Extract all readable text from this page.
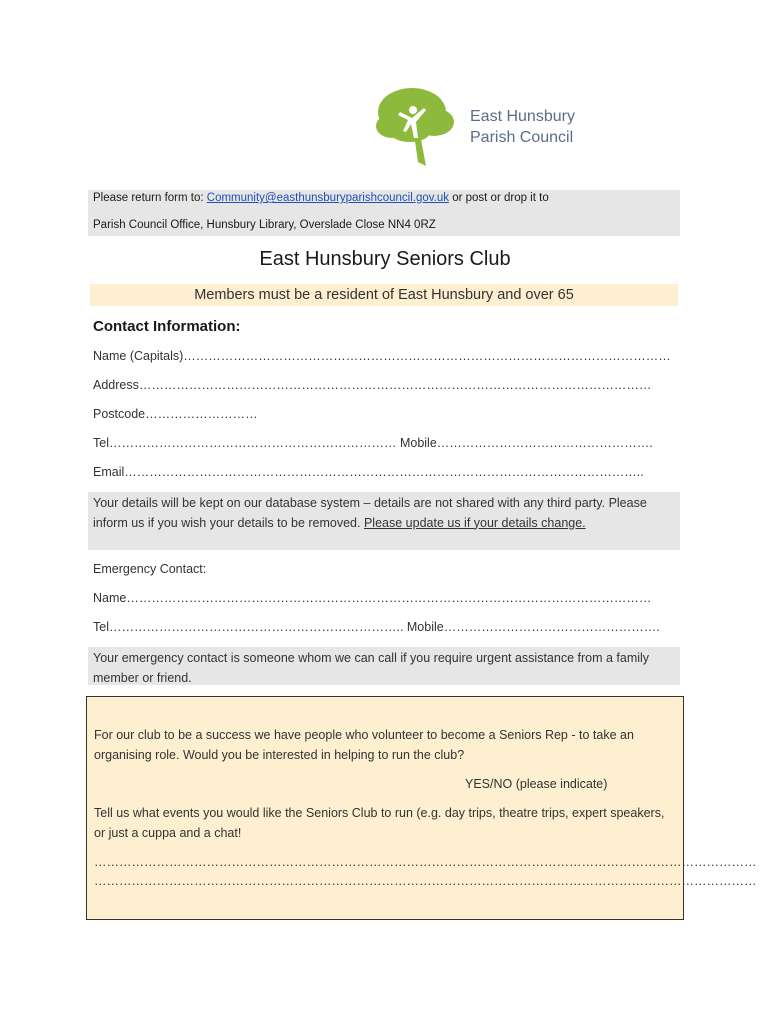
East Hunsbury
Parish Council
Please return form to: Community@easthunsburyparishcouncil.gov.uk or post or drop it to
Parish Council Office, Hunsbury Library, Overslade Close NN4 0RZ
East Hunsbury Seniors Club
Members must be a resident of East Hunsbury and over 65
Contact Information:
Name (Capitals)………………………………………………………………………………………………………
Address……………………………………………………………………………………………………………
Postcode………………………
Tel…………………………………………………………… Mobile…………………………………………….
Email……………………………………………………………………………………………………………..
Your details will be kept on our database system – details are not shared with any third party. Please inform us if you wish your details to be removed. Please update us if your details change.
Emergency Contact:
Name………………………………………………………………………………………………………………
Tel…………………………………………………………….. Mobile…………………………………………….
Your emergency contact is someone whom we can call if you require urgent assistance from a family member or friend.
For our club to be a success we have people who volunteer to become a Seniors Rep - to take an organising role. Would you be interested in helping to run the club?
YES/NO (please indicate)
Tell us what events you would like the Seniors Club to run (e.g. day trips, theatre trips, expert speakers, or just a cuppa and a chat!
……………………………………………………………………………………………………………………………………………
……………………………………………………………………………………………………………………………………………
